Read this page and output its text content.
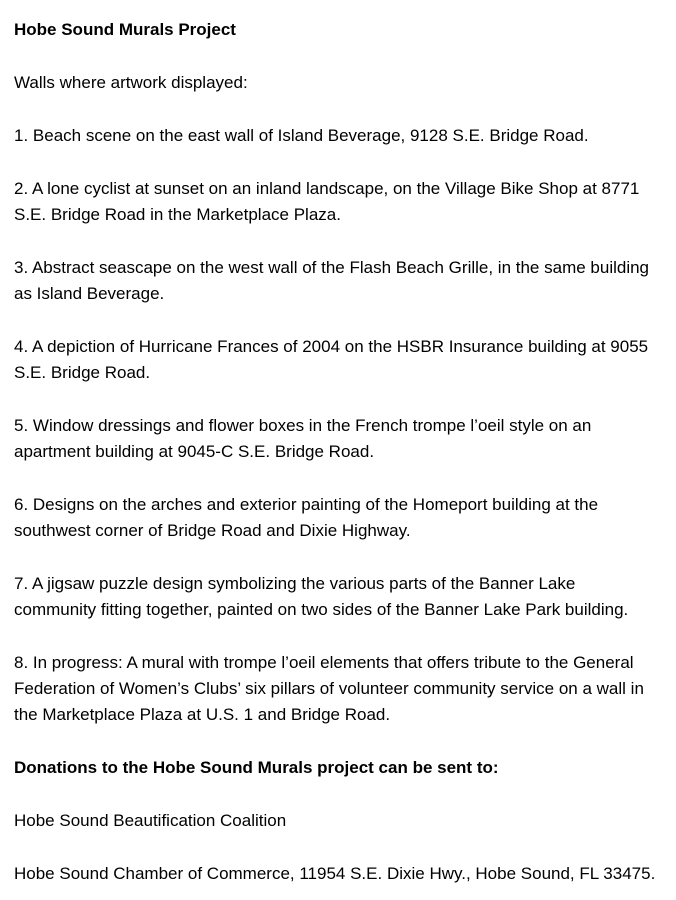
Hobe Sound Murals Project

Walls where artwork displayed:

1. Beach scene on the east wall of Island Beverage, 9128 S.E. Bridge Road.

2. A lone cyclist at sunset on an inland landscape, on the Village Bike Shop at 8771
S.E. Bridge Road in the Marketplace Plaza.

3. Abstract seascape on the west wall of the Flash Beach Grille, in the same building
as Island Beverage.

4. A depiction of Hurricane Frances of 2004 on the HSBR Insurance building at 9055
S.E. Bridge Road.

5. Window dressings and flower boxes in the French trompe l’oeil style on an
apartment building at 9045-C S.E. Bridge Road.

6. Designs on the arches and exterior painting of the Homeport building at the
southwest corner of Bridge Road and Dixie Highway.

7. A jigsaw puzzle design symbolizing the various parts of the Banner Lake
community fitting together, painted on two sides of the Banner Lake Park building.

8. In progress: A mural with trompe l’oeil elements that offers tribute to the General
Federation of Women’s Clubs’ six pillars of volunteer community service on a wall in
the Marketplace Plaza at U.S. 1 and Bridge Road.

Donations to the Hobe Sound Murals project can be sent to:

Hobe Sound Beautification Coalition

Hobe Sound Chamber of Commerce, 11954 S.E. Dixie Hwy., Hobe Sound, FL 33475.
